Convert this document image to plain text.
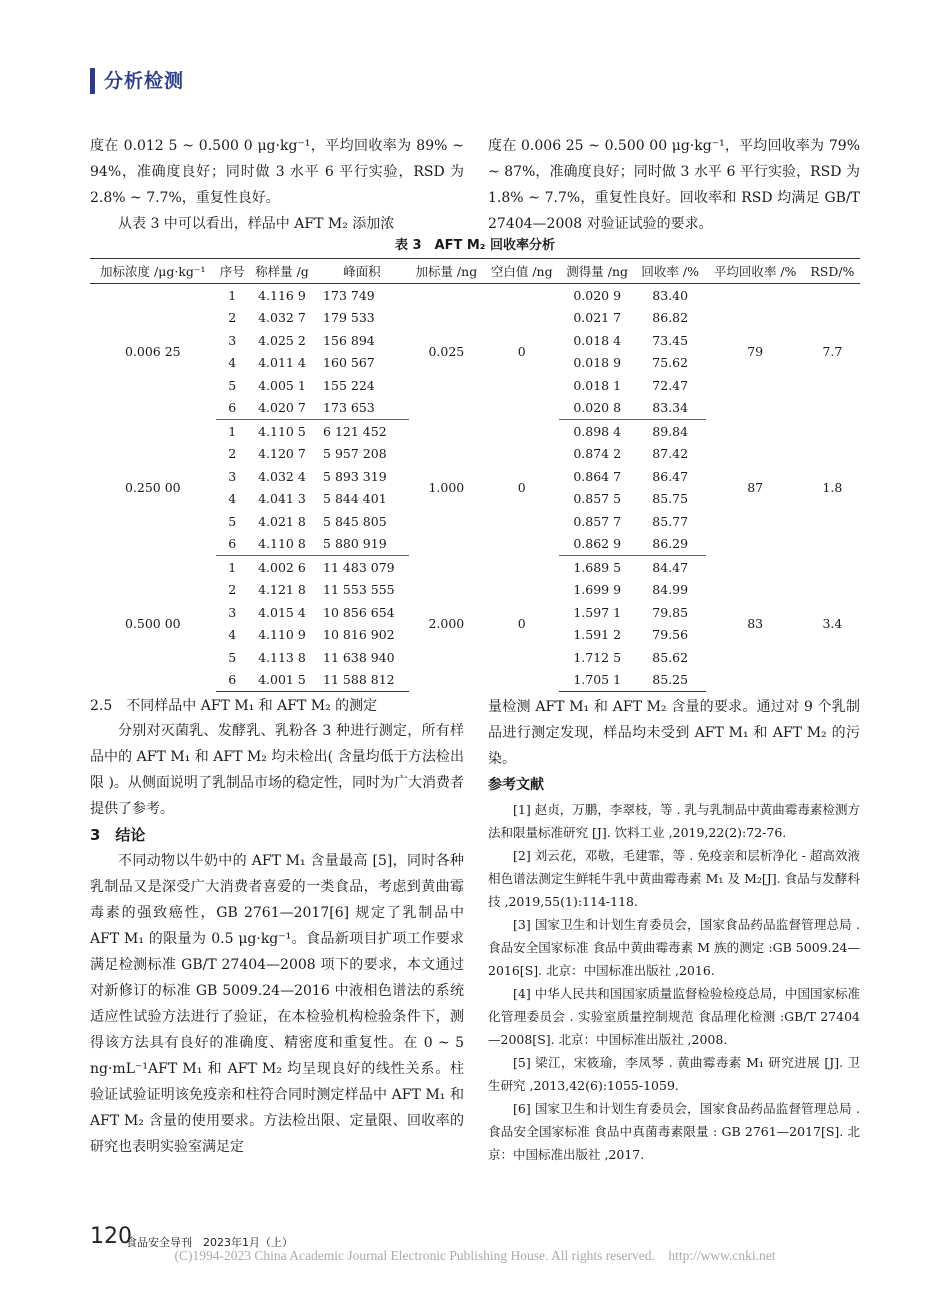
分析检测

度在 0.012 5 ~ 0.500 0 μg·kg⁻¹，平均回收率为 89% ~ 94%，准确度良好；同时做 3 水平 6 平行实验，RSD 为 2.8% ~ 7.7%，重复性良好。

从表 3 中可以看出，样品中 AFT M₂ 添加浓

度在 0.006 25 ~ 0.500 00 μg·kg⁻¹，平均回收率为 79% ~ 87%，准确度良好；同时做 3 水平 6 平行实验，RSD 为 1.8% ~ 7.7%，重复性良好。回收率和 RSD 均满足 GB/T 27404—2008 对验证试验的要求。

表 3　AFT M₂ 回收率分析
加标浓度 /μg·kg⁻¹	序号	称样量 /g	峰面积	加标量 /ng	空白值 /ng	测得量 /ng	回收率 /%	平均回收率 /%	RSD/%
0.006 25	1	4.116 9	173 749	0.025	0	0.020 9	83.40	79	7.7
	2	4.032 7	179 533			0.021 7	86.82		
	3	4.025 2	156 894			0.018 4	73.45		
	4	4.011 4	160 567			0.018 9	75.62		
	5	4.005 1	155 224			0.018 1	72.47		
	6	4.020 7	173 653			0.020 8	83.34		
0.250 00	1	4.110 5	6 121 452	1.000	0	0.898 4	89.84	87	1.8
	2	4.120 7	5 957 208			0.874 2	87.42		
	3	4.032 4	5 893 319			0.864 7	86.47		
	4	4.041 3	5 844 401			0.857 5	85.75		
	5	4.021 8	5 845 805			0.857 7	85.77		
	6	4.110 8	5 880 919			0.862 9	86.29		
0.500 00	1	4.002 6	11 483 079	2.000	0	1.689 5	84.47	83	3.4
	2	4.121 8	11 553 555			1.699 9	84.99		
	3	4.015 4	10 856 654			1.597 1	79.85		
	4	4.110 9	10 816 902			1.591 2	79.56		
	5	4.113 8	11 638 940			1.712 5	85.62		
	6	4.001 5	11 588 812			1.705 1	85.25		

2.5　不同样品中 AFT M₁ 和 AFT M₂ 的测定

分别对灭菌乳、发酵乳、乳粉各 3 种进行测定，所有样品中的 AFT M₁ 和 AFT M₂ 均未检出( 含量均低于方法检出限 )。从侧面说明了乳制品市场的稳定性，同时为广大消费者提供了参考。

3　结论

不同动物以牛奶中的 AFT M₁ 含量最高 [5]，同时各种乳制品又是深受广大消费者喜爱的一类食品，考虑到黄曲霉毒素的强致癌性，GB 2761—2017[6] 规定了乳制品中 AFT M₁ 的限量为 0.5 μg·kg⁻¹。食品新项目扩项工作要求满足检测标准 GB/T 27404—2008 项下的要求，本文通过对新修订的标准 GB 5009.24—2016 中液相色谱法的系统适应性试验方法进行了验证，在本检验机构检验条件下，测得该方法具有良好的准确度、精密度和重复性。在 0 ~ 5 ng·mL⁻¹AFT M₁ 和 AFT M₂ 均呈现良好的线性关系。柱验证试验证明该免疫亲和柱符合同时测定样品中 AFT M₁ 和 AFT M₂ 含量的使用要求。方法检出限、定量限、回收率的研究也表明实验室满足定

量检测 AFT M₁ 和 AFT M₂ 含量的要求。通过对 9 个乳制品进行测定发现，样品均未受到 AFT M₁ 和 AFT M₂ 的污染。

参考文献

[1] 赵贞，万鹏，李翠枝，等 . 乳与乳制品中黄曲霉毒素检测方法和限量标准研究 [J]. 饮料工业 ,2019,22(2):72-76.

[2] 刘云花，邓敬，毛建霏，等 . 免疫亲和层析净化 - 超高效液相色谱法测定生鲜牦牛乳中黄曲霉毒素 M₁ 及 M₂[J]. 食品与发酵科技 ,2019,55(1):114-118.

[3] 国家卫生和计划生育委员会，国家食品药品监督管理总局 . 食品安全国家标准 食品中黄曲霉毒素 M 族的测定 :GB 5009.24—2016[S]. 北京：中国标准出版社 ,2016.

[4] 中华人民共和国国家质量监督检验检疫总局，中国国家标准化管理委员会 . 实验室质量控制规范 食品理化检测 :GB/T 27404—2008[S]. 北京：中国标准出版社 ,2008.

[5] 梁江，宋筱瑜，李凤琴 . 黄曲霉毒素 M₁ 研究进展 [J]. 卫生研究 ,2013,42(6):1055-1059.

[6] 国家卫生和计划生育委员会，国家食品药品监督管理总局 . 食品安全国家标准 食品中真菌毒素限量 : GB 2761—2017[S]. 北京：中国标准出版社 ,2017.

120
食品安全导刊　2023年1月（上）
(C)1994-2023 China Academic Journal Electronic Publishing House. All rights reserved.　http://www.cnki.net
